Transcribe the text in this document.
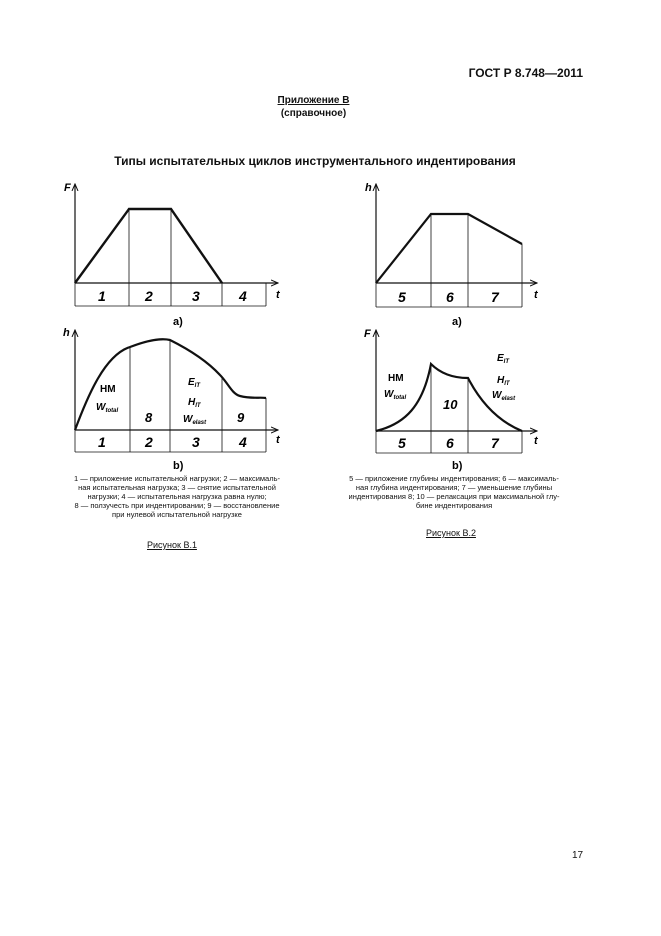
ГОСТ Р 8.748—2011
Приложение В
(справочное)
Типы испытательных циклов инструментального индентирования
F
t
1	2	3	4
a)
h
t
1	2	3	4
b)
HM
$W_{total}$ 8
$E_{IT}$
$H_{IT}$
$W_{elast}$ 9
h
t
5	6	7
a)
F
t
5	6	7
b)
$E_{IT}$
HM	$H_{IT}$
$W_{total}$	$W_{elast}$
10
1 — приложение испытательной нагрузки; 2 — максималь-
ная испытательная нагрузка; 3 — снятие испытательной
нагрузки; 4 — испытательная нагрузка равна нулю;
8 — ползучесть при индентировании; 9 — восстановление
при нулевой испытательной нагрузке
5 — приложение глубины индентирования; 6 — максималь-
ная глубина индентирования; 7 — уменьшение глубины
индентирования 8; 10 — релаксация при максимальной глу-
бине индентирования
Рисунок В.1
Рисунок В.2
17
